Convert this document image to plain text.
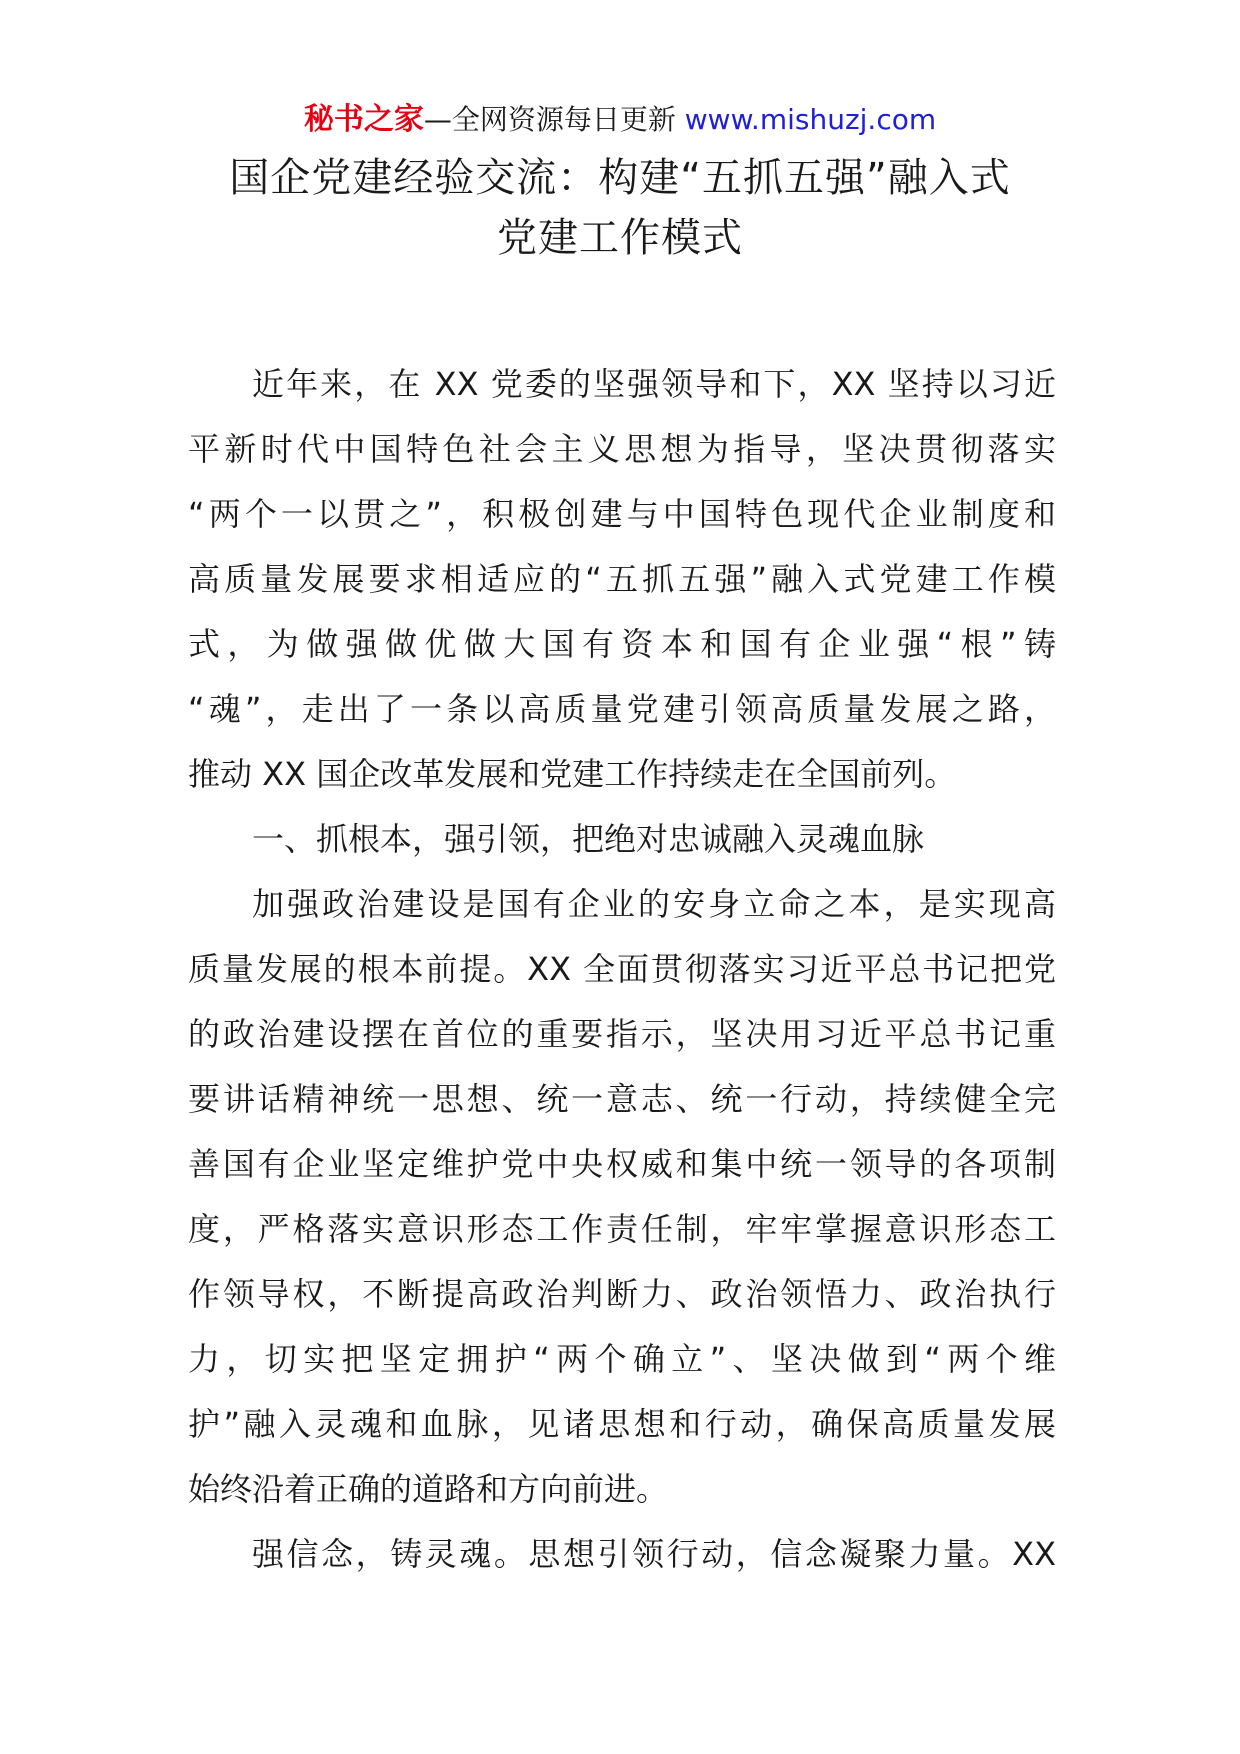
秘书之家—全网资源每日更新 www.mishuzj.com
国企党建经验交流：构建“五抓五强”融入式
党建工作模式
近年来，在 XX 党委的坚强领导和下，XX 坚持以习近
平新时代中国特色社会主义思想为指导，坚决贯彻落实
“两个一以贯之”，积极创建与中国特色现代企业制度和
高质量发展要求相适应的“五抓五强”融入式党建工作模
式，为做强做优做大国有资本和国有企业强“根”铸
“魂”，走出了一条以高质量党建引领高质量发展之路，
推动 XX 国企改革发展和党建工作持续走在全国前列。
一、抓根本，强引领，把绝对忠诚融入灵魂血脉
加强政治建设是国有企业的安身立命之本，是实现高
质量发展的根本前提。XX 全面贯彻落实习近平总书记把党
的政治建设摆在首位的重要指示，坚决用习近平总书记重
要讲话精神统一思想、统一意志、统一行动，持续健全完
善国有企业坚定维护党中央权威和集中统一领导的各项制
度，严格落实意识形态工作责任制，牢牢掌握意识形态工
作领导权，不断提高政治判断力、政治领悟力、政治执行
力，切实把坚定拥护“两个确立”、坚决做到“两个维
护”融入灵魂和血脉，见诸思想和行动，确保高质量发展
始终沿着正确的道路和方向前进。
强信念，铸灵魂。思想引领行动，信念凝聚力量。XX
